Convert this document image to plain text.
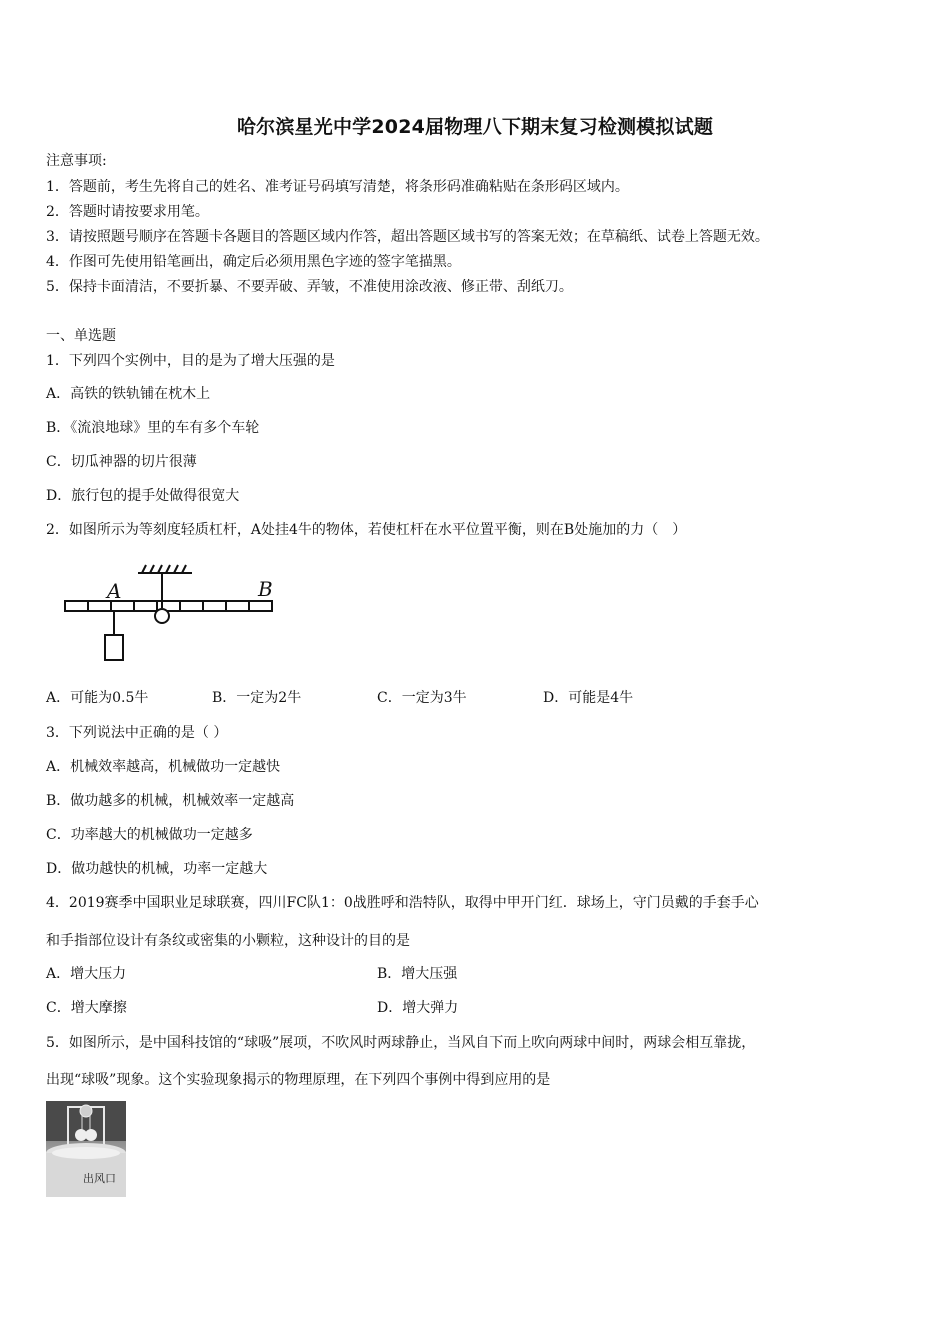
哈尔滨星光中学2024届物理八下期末复习检测模拟试题
注意事项:
1．答题前，考生先将自己的姓名、准考证号码填写清楚，将条形码准确粘贴在条形码区域内。
2．答题时请按要求用笔。
3．请按照题号顺序在答题卡各题目的答题区域内作答，超出答题区域书写的答案无效；在草稿纸、试卷上答题无效。
4．作图可先使用铅笔画出，确定后必须用黑色字迹的签字笔描黑。
5．保持卡面清洁，不要折暴、不要弄破、弄皱，不准使用涂改液、修正带、刮纸刀。
一、单选题
1．下列四个实例中，目的是为了增大压强的是
A．高铁的铁轨铺在枕木上
B．《流浪地球》里的车有多个车轮
C．切瓜神器的切片很薄
D．旅行包的提手处做得很宽大
2．如图所示为等刻度轻质杠杆，A处挂4牛的物体，若使杠杆在水平位置平衡，则在B处施加的力（　）
A	B
A．可能为0.5牛	B．一定为2牛	C．一定为3牛	D．可能是4牛
3．下列说法中正确的是（ ）
A．机械效率越高，机械做功一定越快
B．做功越多的机械，机械效率一定越高
C．功率越大的机械做功一定越多
D．做功越快的机械，功率一定越大
4．2019赛季中国职业足球联赛，四川FC队1：0战胜呼和浩特队，取得中甲开门红．球场上，守门员戴的手套手心
和手指部位设计有条纹或密集的小颗粒，这种设计的目的是
A．增大压力	B．增大压强
C．增大摩擦	D．增大弹力
5．如图所示，是中国科技馆的“球吸”展项，不吹风时两球静止，当风自下而上吹向两球中间时，两球会相互靠拢，
出现“球吸”现象。这个实验现象揭示的物理原理，在下列四个事例中得到应用的是
出风口
